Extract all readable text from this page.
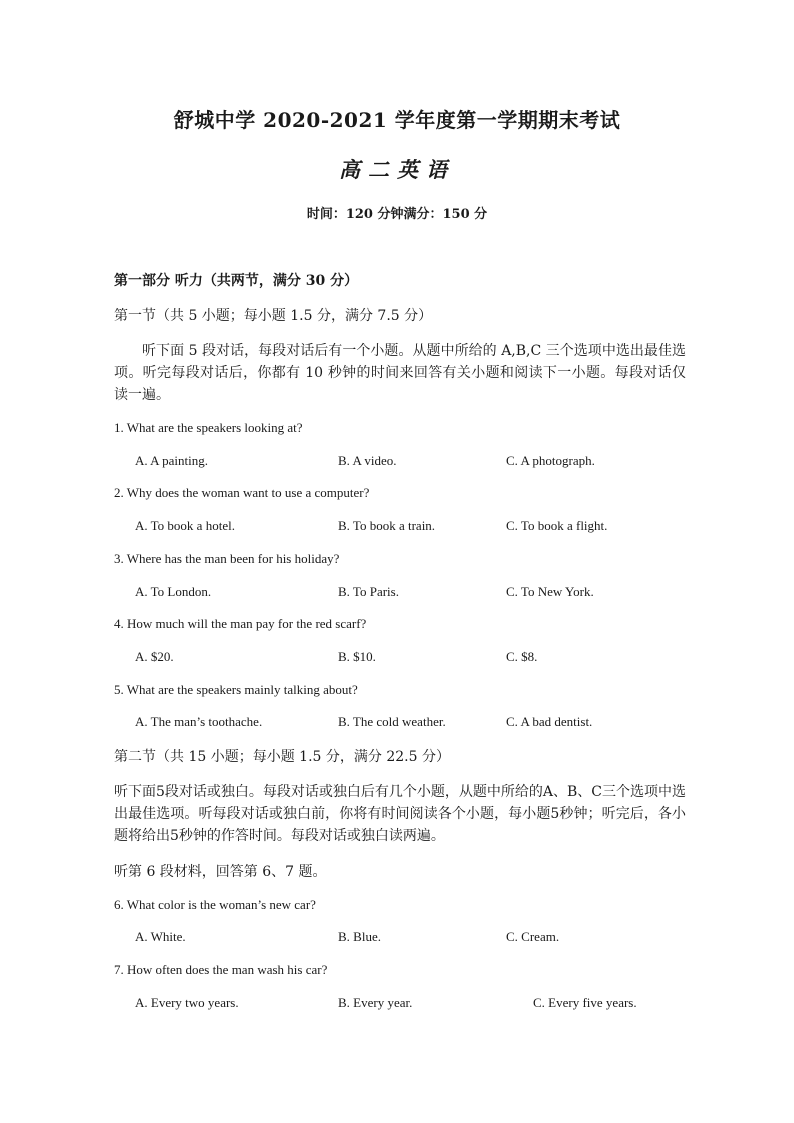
舒城中学 2020-2021 学年度第一学期期末考试
高二英语
时间：120 分钟满分：150 分
第一部分 听力（共两节，满分 30 分）
第一节（共 5 小题；每小题 1.5 分，满分 7.5 分）
听下面 5 段对话，每段对话后有一个小题。从题中所给的 A,B,C 三个选项中选出最佳选项。听完每段对话后，你都有 10 秒钟的时间来回答有关小题和阅读下一小题。每段对话仅读一遍。
1. What are the speakers looking at?
A. A painting.	B. A video.	C. A photograph.
2. Why does the woman want to use a computer?
A. To book a hotel.	B. To book a train.	C. To book a flight.
3. Where has the man been for his holiday?
A. To London.	B. To Paris.	C. To New York.
4. How much will the man pay for the red scarf?
A. $20.	B. $10.	C. $8.
5. What are the speakers mainly talking about?
A. The man’s toothache.	B. The cold weather.	C. A bad dentist.
第二节（共 15 小题；每小题 1.5 分，满分 22.5 分）
听下面5段对话或独白。每段对话或独白后有几个小题，从题中所给的A、B、C三个选项中选出最佳选项。听每段对话或独白前，你将有时间阅读各个小题，每小题5秒钟；听完后，各小题将给出5秒钟的作答时间。每段对话或独白读两遍。
听第 6 段材料，回答第 6、7 题。
6. What color is the woman’s new car?
A. White.	B. Blue.	C. Cream.
7. How often does the man wash his car?
A. Every two years.	B. Every year.	C. Every five years.
